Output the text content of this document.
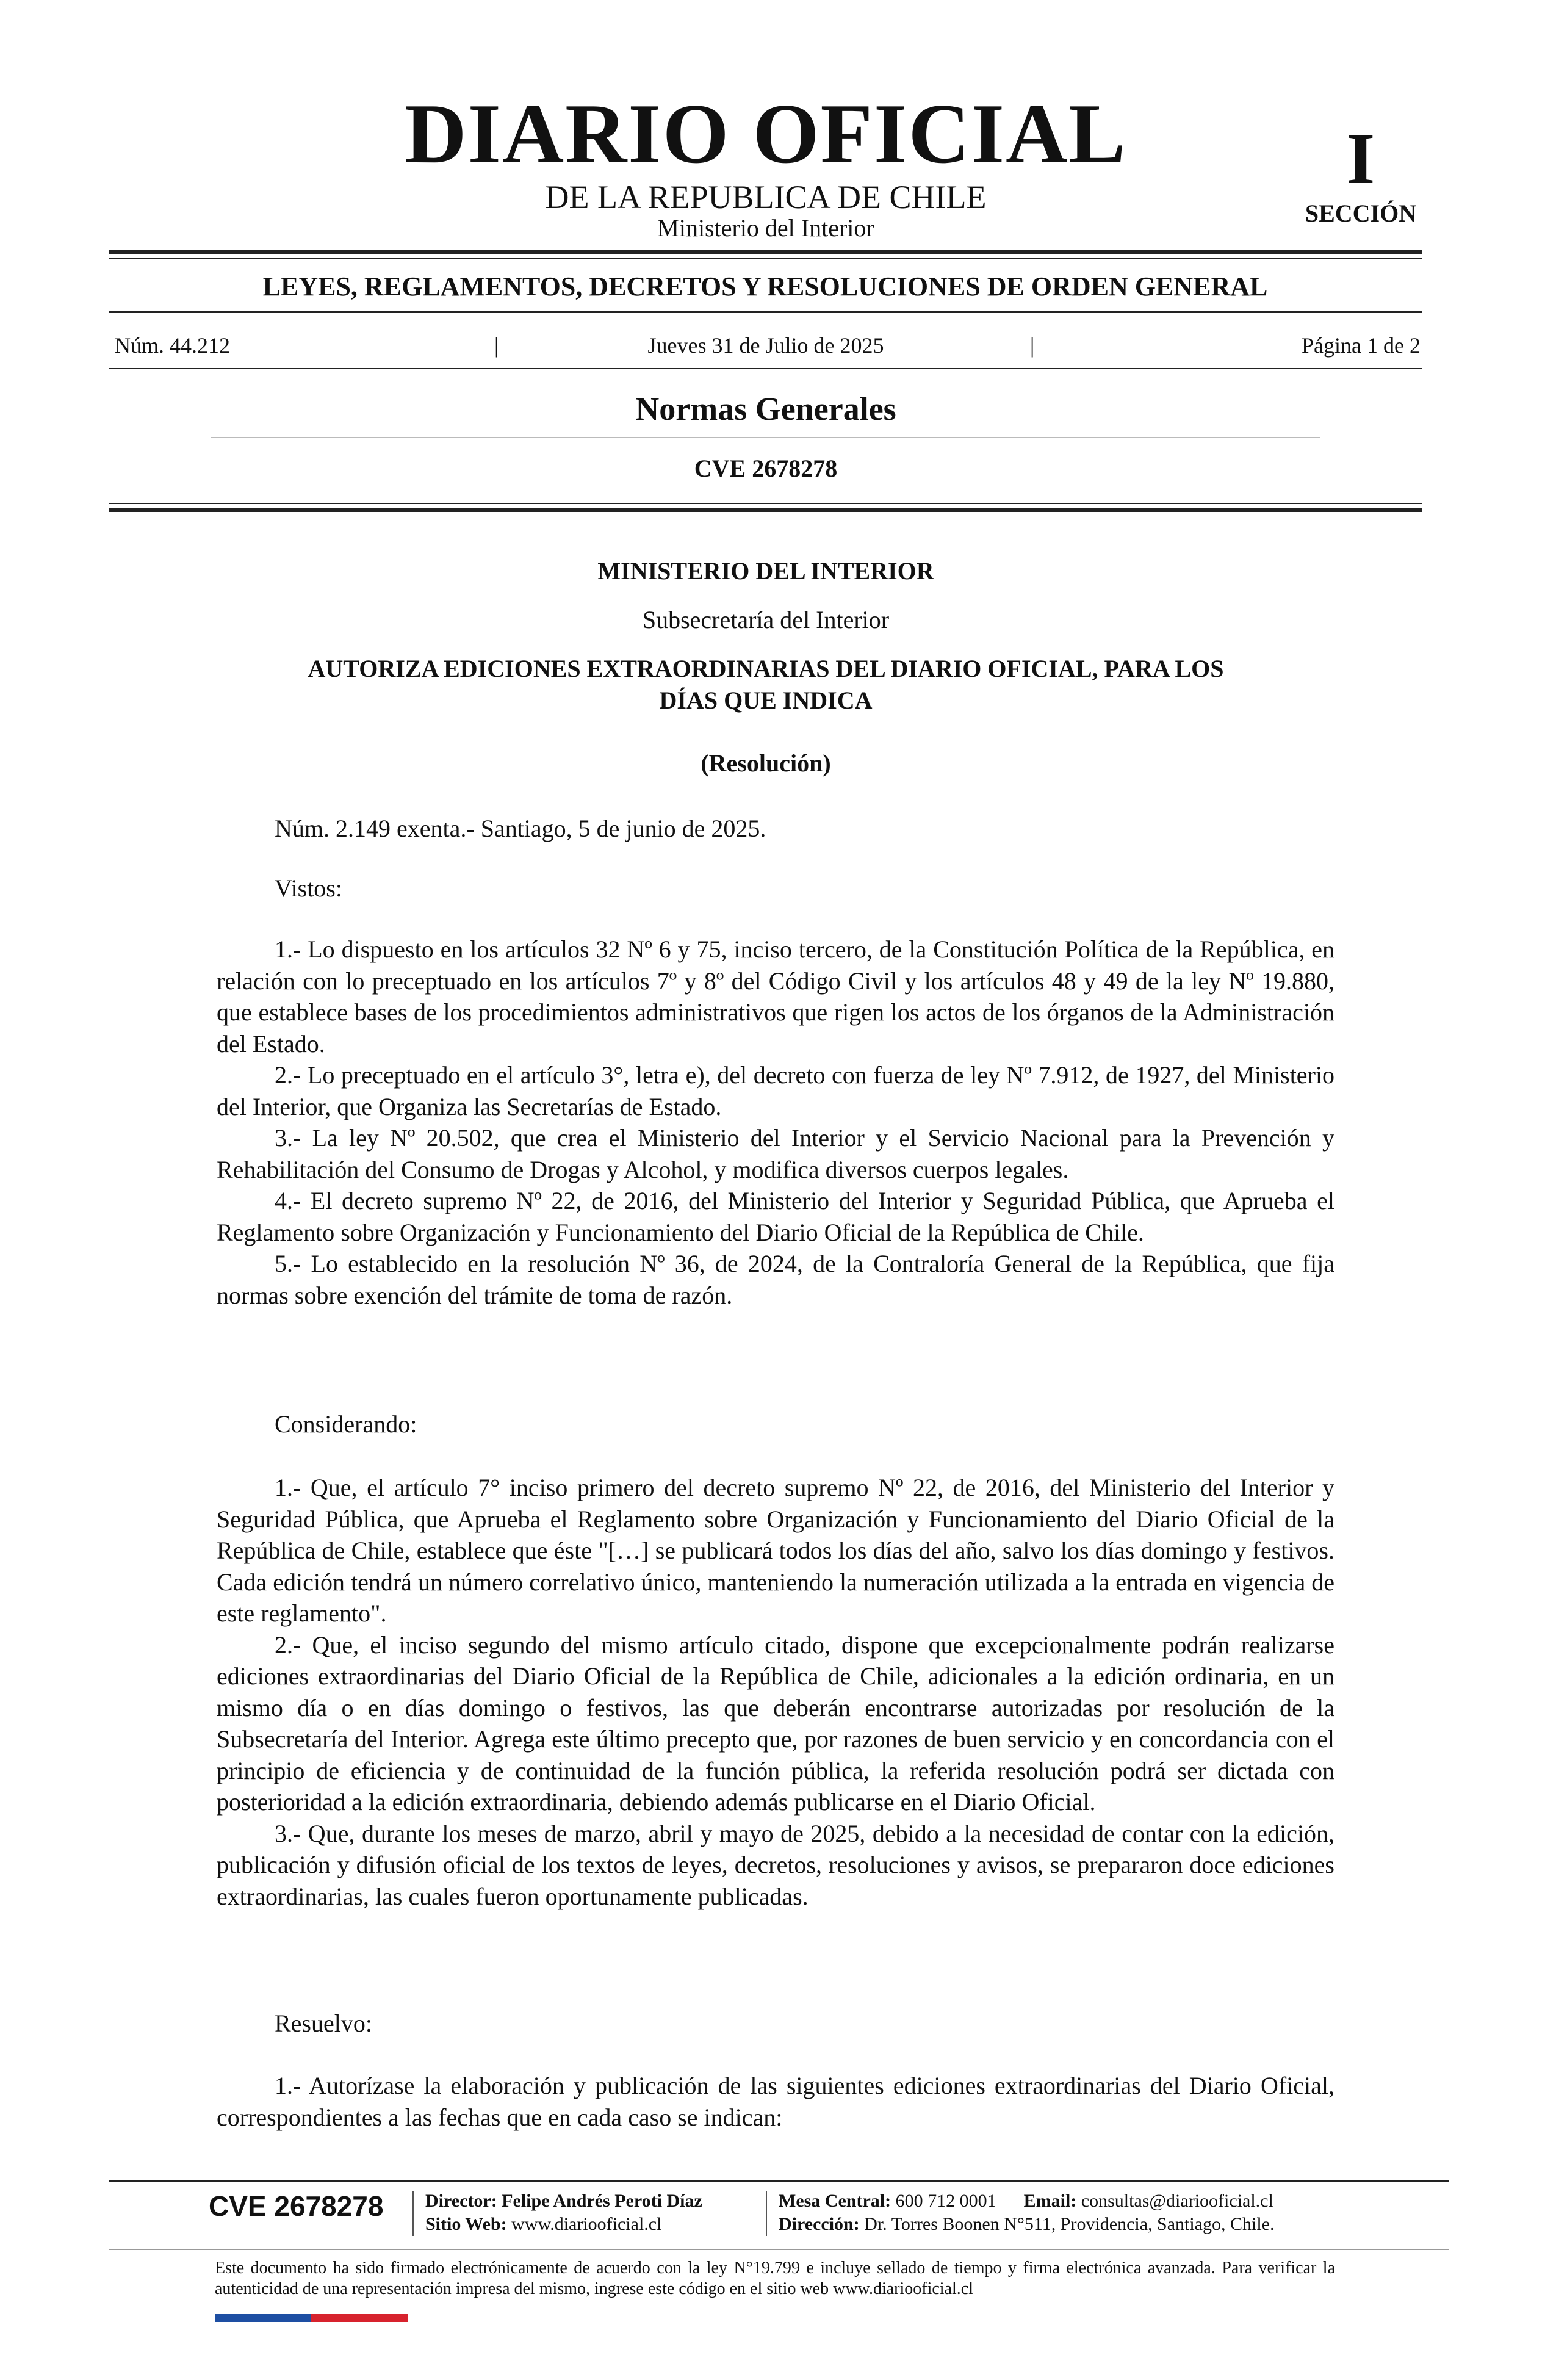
DIARIO OFICIAL
DE LA REPUBLICA DE CHILE
Ministerio del Interior
I
SECCIÓN
LEYES, REGLAMENTOS, DECRETOS Y RESOLUCIONES DE ORDEN GENERAL
Núm. 44.212	|	Jueves 31 de Julio de 2025	|	Página 1 de 2
Normas Generales
CVE 2678278
MINISTERIO DEL INTERIOR
Subsecretaría del Interior
AUTORIZA EDICIONES EXTRAORDINARIAS DEL DIARIO OFICIAL, PARA LOS
DÍAS QUE INDICA
(Resolución)
Núm. 2.149 exenta.- Santiago, 5 de junio de 2025.
Vistos:

1.- Lo dispuesto en los artículos 32 Nº 6 y 75, inciso tercero, de la Constitución Política de la República, en relación con lo preceptuado en los artículos 7º y 8º del Código Civil y los artículos 48 y 49 de la ley Nº 19.880, que establece bases de los procedimientos administrativos que rigen los actos de los órganos de la Administración del Estado.

2.- Lo preceptuado en el artículo 3°, letra e), del decreto con fuerza de ley Nº 7.912, de 1927, del Ministerio del Interior, que Organiza las Secretarías de Estado.

3.- La ley Nº 20.502, que crea el Ministerio del Interior y el Servicio Nacional para la Prevención y Rehabilitación del Consumo de Drogas y Alcohol, y modifica diversos cuerpos legales.

4.- El decreto supremo Nº 22, de 2016, del Ministerio del Interior y Seguridad Pública, que Aprueba el Reglamento sobre Organización y Funcionamiento del Diario Oficial de la República de Chile.

5.- Lo establecido en la resolución Nº 36, de 2024, de la Contraloría General de la República, que fija normas sobre exención del trámite de toma de razón.

Considerando:

1.- Que, el artículo 7° inciso primero del decreto supremo Nº 22, de 2016, del Ministerio del Interior y Seguridad Pública, que Aprueba el Reglamento sobre Organización y Funcionamiento del Diario Oficial de la República de Chile, establece que éste "[…] se publicará todos los días del año, salvo los días domingo y festivos. Cada edición tendrá un número correlativo único, manteniendo la numeración utilizada a la entrada en vigencia de este reglamento".

2.- Que, el inciso segundo del mismo artículo citado, dispone que excepcionalmente podrán realizarse ediciones extraordinarias del Diario Oficial de la República de Chile, adicionales a la edición ordinaria, en un mismo día o en días domingo o festivos, las que deberán encontrarse autorizadas por resolución de la Subsecretaría del Interior. Agrega este último precepto que, por razones de buen servicio y en concordancia con el principio de eficiencia y de continuidad de la función pública, la referida resolución podrá ser dictada con posterioridad a la edición extraordinaria, debiendo además publicarse en el Diario Oficial.

3.- Que, durante los meses de marzo, abril y mayo de 2025, debido a la necesidad de contar con la edición, publicación y difusión oficial de los textos de leyes, decretos, resoluciones y avisos, se prepararon doce ediciones extraordinarias, las cuales fueron oportunamente publicadas.

Resuelvo:

1.- Autorízase la elaboración y publicación de las siguientes ediciones extraordinarias del Diario Oficial, correspondientes a las fechas que en cada caso se indican:

CVE 2678278 Director: Felipe Andrés Peroti Díaz
Sitio Web: www.diariooficial.cl
Mesa Central: 600 712 0001 Email: consultas@diariooficial.cl
Dirección: Dr. Torres Boonen N°511, Providencia, Santiago, Chile.
Este documento ha sido firmado electrónicamente de acuerdo con la ley N°19.799 e incluye sellado de tiempo y firma electrónica avanzada. Para verificar la autenticidad de una representación impresa del mismo, ingrese este código en el sitio web www.diariooficial.cl
